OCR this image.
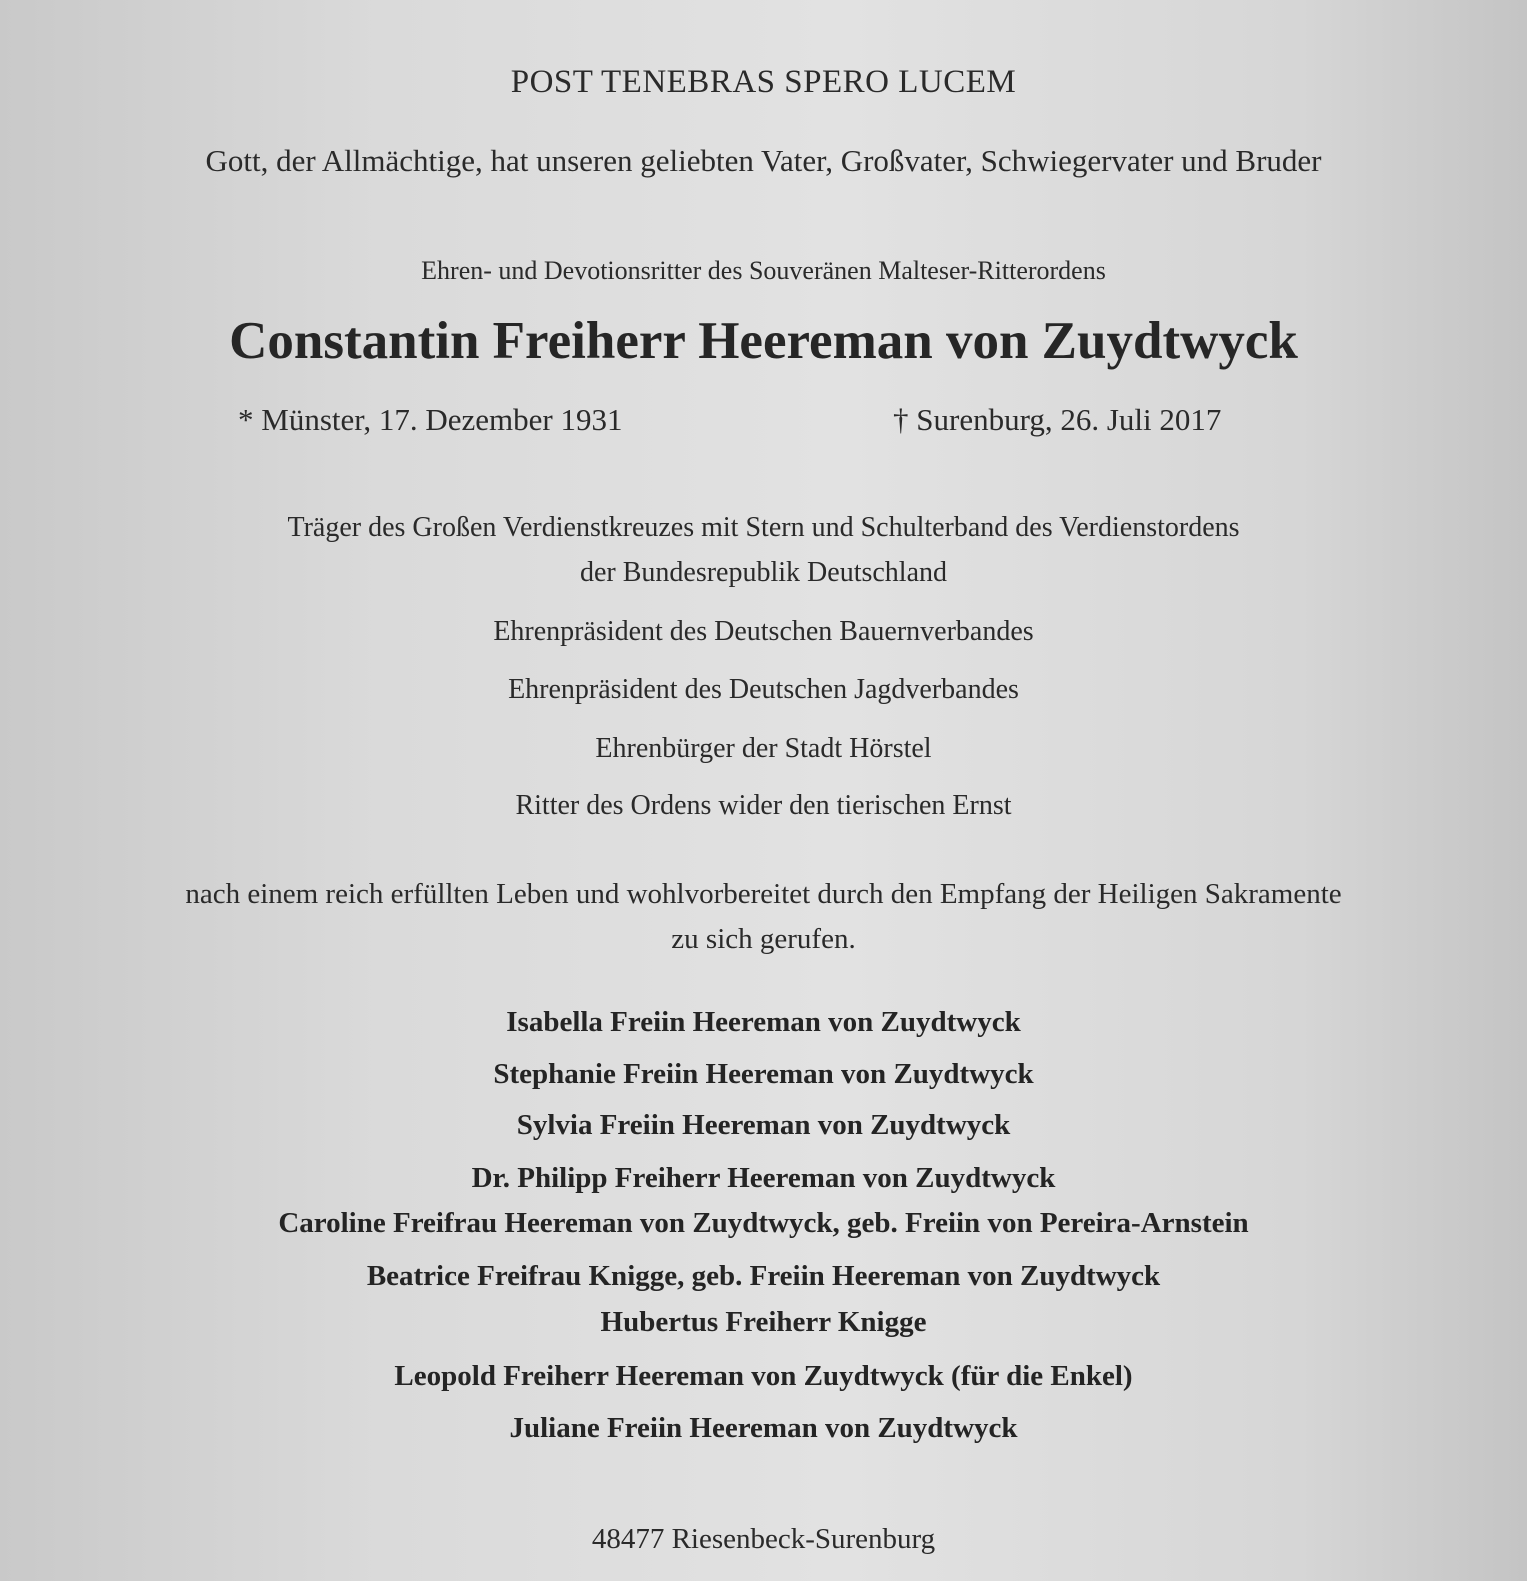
POST TENEBRAS SPERO LUCEM
Gott, der Allmächtige, hat unseren geliebten Vater, Großvater, Schwiegervater und Bruder
Ehren- und Devotionsritter des Souveränen Malteser-Ritterordens
Constantin Freiherr Heereman von Zuydtwyck
* Münster, 17. Dezember 1931	† Surenburg, 26. Juli 2017
Träger des Großen Verdienstkreuzes mit Stern und Schulterband des Verdienstordens
der Bundesrepublik Deutschland
Ehrenpräsident des Deutschen Bauernverbandes
Ehrenpräsident des Deutschen Jagdverbandes
Ehrenbürger der Stadt Hörstel
Ritter des Ordens wider den tierischen Ernst
nach einem reich erfüllten Leben und wohlvorbereitet durch den Empfang der Heiligen Sakramente
zu sich gerufen.
Isabella Freiin Heereman von Zuydtwyck
Stephanie Freiin Heereman von Zuydtwyck
Sylvia Freiin Heereman von Zuydtwyck
Dr. Philipp Freiherr Heereman von Zuydtwyck
Caroline Freifrau Heereman von Zuydtwyck, geb. Freiin von Pereira-Arnstein
Beatrice Freifrau Knigge, geb. Freiin Heereman von Zuydtwyck
Hubertus Freiherr Knigge
Leopold Freiherr Heereman von Zuydtwyck (für die Enkel)
Juliane Freiin Heereman von Zuydtwyck
48477 Riesenbeck-Surenburg
